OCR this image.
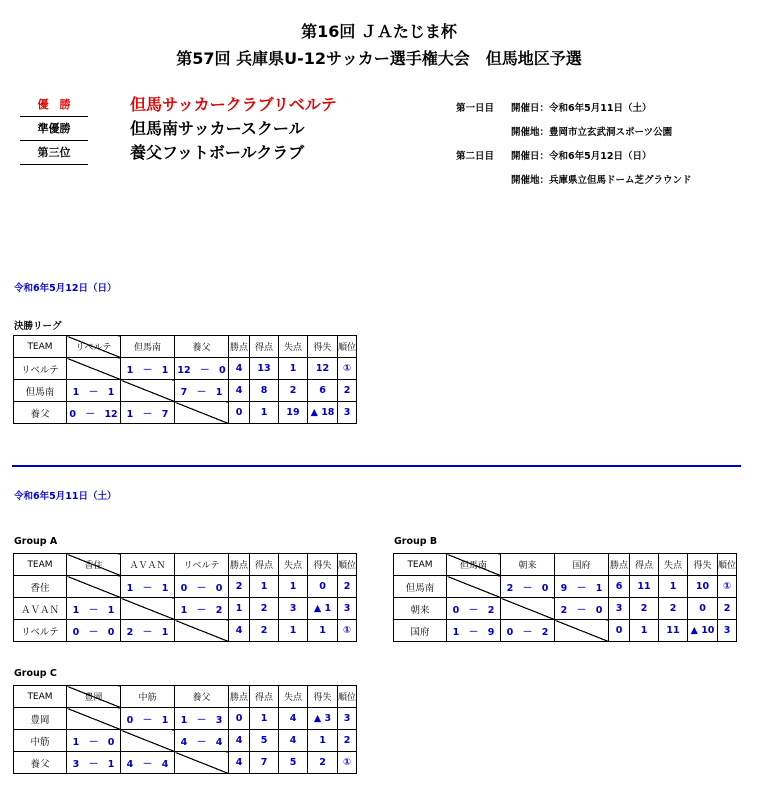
第16回 ＪＡたじま杯
第57回 兵庫県U-12サッカー選手権大会　但馬地区予選
優　勝	但馬サッカークラブリベルテ
準優勝	但馬南サッカースクール
第三位	養父フットボールクラブ
第一日目 開催日：令和6年5月11日（土）
開催地：豊岡市立玄武洞スポーツ公園
第二日目 開催日：令和6年5月12日（日）
開催地：兵庫県立但馬ドーム芝グラウンド
令和6年5月12日（日）
決勝リーグ
TEAM	リベルテ	但馬南	養父	勝点	得点	失点	得失	順位
リベルテ		1　－　1	12　－　0	4	13	1	12	①
但馬南	1　－　1		7　－　1	4	8	2	6	2
養父	0　－　12	1　－　7		0	1	19	▲ 18	3
令和6年5月11日（土）
Group A
TEAM	香住	ＡＶＡＮ	リベルテ	勝点	得点	失点	得失	順位
香住		1　－　1	0　－　0	2	1	1	0	2
ＡＶＡＮ	1　－　1		1　－　2	1	2	3	▲ 1	3
リベルテ	0　－　0	2　－　1		4	2	1	1	①
Group B
TEAM	但馬南	朝来	国府	勝点	得点	失点	得失	順位
但馬南		2　－　0	9　－　1	6	11	1	10	①
朝来	0　－　2		2　－　0	3	2	2	0	2
国府	1　－　9	0　－　2		0	1	11	▲ 10	3
Group C
TEAM	豊岡	中筋	養父	勝点	得点	失点	得失	順位
豊岡		0　－　1	1　－　3	0	1	4	▲ 3	3
中筋	1　－　0		4　－　4	4	5	4	1	2
養父	3　－　1	4　－　4		4	7	5	2	①
